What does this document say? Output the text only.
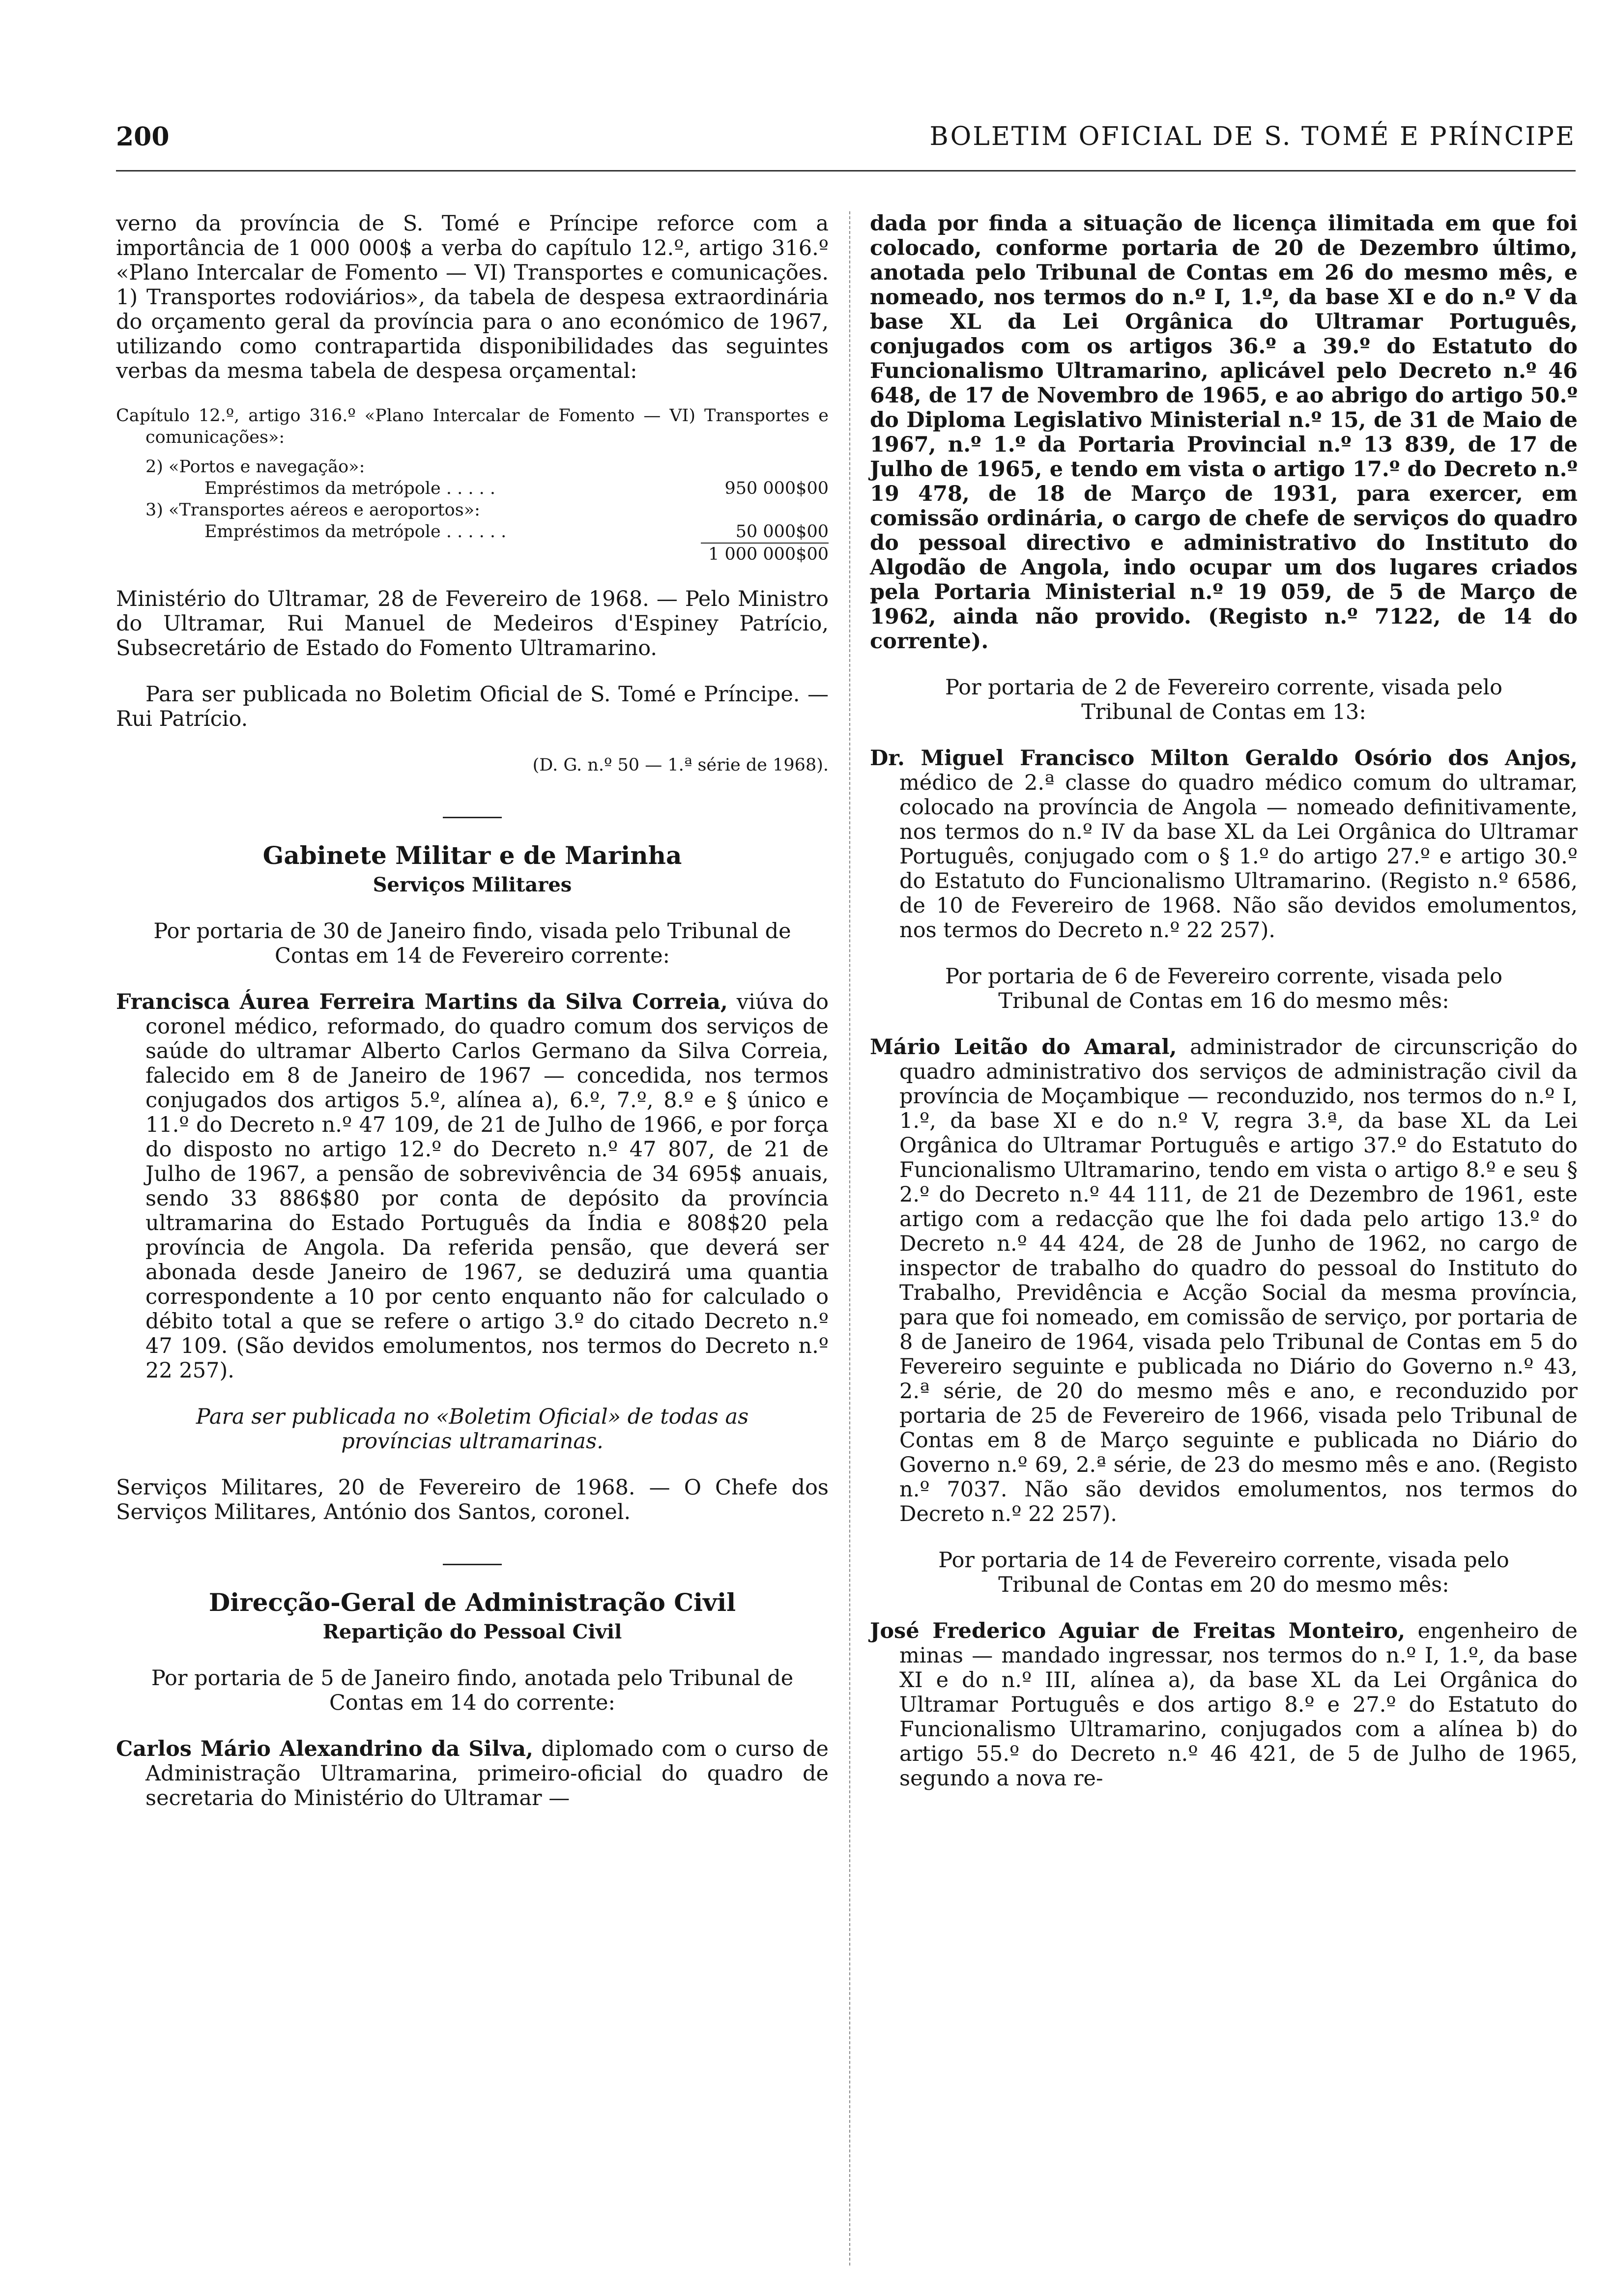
200	BOLETIM OFICIAL DE S. TOMÉ E PRÍNCIPE

verno da província de S. Tomé e Príncipe reforce com a importância de 1 000 000$ a verba do capítulo 12.º, artigo 316.º «Plano Intercalar de Fomento — VI) Transportes e comunicações. 1) Transportes rodoviários», da tabela de despesa extraordinária do orçamento geral da província para o ano económico de 1967, utilizando como contrapartida disponibilidades das seguintes verbas da mesma tabela de despesa orçamental:

Capítulo 12.º, artigo 316.º «Plano Intercalar de Fomento — VI) Transportes e comunicações»:
2) «Portos e navegação»:
Empréstimos da metrópole . . . . .	950 000$00
3) «Transportes aéreos e aeroportos»:
Empréstimos da metrópole . . . . . .	50 000$00
1 000 000$00

Ministério do Ultramar, 28 de Fevereiro de 1968. — Pelo Ministro do Ultramar, Rui Manuel de Medeiros d'Espiney Patrício, Subsecretário de Estado do Fomento Ultramarino.

Para ser publicada no Boletim Oficial de S. Tomé e Príncipe. — Rui Patrício.

(D. G. n.º 50 — 1.ª série de 1968).

Gabinete Militar e de Marinha
Serviços Militares

Por portaria de 30 de Janeiro findo, visada pelo Tribunal de Contas em 14 de Fevereiro corrente:

Francisca Áurea Ferreira Martins da Silva Correia, viúva do coronel médico, reformado, do quadro comum dos serviços de saúde do ultramar Alberto Carlos Germano da Silva Correia, falecido em 8 de Janeiro de 1967 — concedida, nos termos conjugados dos artigos 5.º, alínea a), 6.º, 7.º, 8.º e § único e 11.º do Decreto n.º 47 109, de 21 de Julho de 1966, e por força do disposto no artigo 12.º do Decreto n.º 47 807, de 21 de Julho de 1967, a pensão de sobrevivência de 34 695$ anuais, sendo 33 886$80 por conta de depósito da província ultramarina do Estado Português da Índia e 808$20 pela província de Angola. Da referida pensão, que deverá ser abonada desde Janeiro de 1967, se deduzirá uma quantia correspondente a 10 por cento enquanto não for calculado o débito total a que se refere o artigo 3.º do citado Decreto n.º 47 109. (São devidos emolumentos, nos termos do Decreto n.º 22 257).

Para ser publicada no «Boletim Oficial» de todas as províncias ultramarinas.

Serviços Militares, 20 de Fevereiro de 1968. — O Chefe dos Serviços Militares, António dos Santos, coronel.

Direcção-Geral de Administração Civil
Repartição do Pessoal Civil

Por portaria de 5 de Janeiro findo, anotada pelo Tribunal de Contas em 14 do corrente:

Carlos Mário Alexandrino da Silva, diplomado com o curso de Administração Ultramarina, primeiro-oficial do quadro de secretaria do Ministério do Ultramar —

dada por finda a situação de licença ilimitada em que foi colocado, conforme portaria de 20 de Dezembro último, anotada pelo Tribunal de Contas em 26 do mesmo mês, e nomeado, nos termos do n.º I, 1.º, da base XI e do n.º V da base XL da Lei Orgânica do Ultramar Português, conjugados com os artigos 36.º a 39.º do Estatuto do Funcionalismo Ultramarino, aplicável pelo Decreto n.º 46 648, de 17 de Novembro de 1965, e ao abrigo do artigo 50.º do Diploma Legislativo Ministerial n.º 15, de 31 de Maio de 1967, n.º 1.º da Portaria Provincial n.º 13 839, de 17 de Julho de 1965, e tendo em vista o artigo 17.º do Decreto n.º 19 478, de 18 de Março de 1931, para exercer, em comissão ordinária, o cargo de chefe de serviços do quadro do pessoal directivo e administrativo do Instituto do Algodão de Angola, indo ocupar um dos lugares criados pela Portaria Ministerial n.º 19 059, de 5 de Março de 1962, ainda não provido. (Registo n.º 7122, de 14 do corrente).

Por portaria de 2 de Fevereiro corrente, visada pelo Tribunal de Contas em 13:

Dr. Miguel Francisco Milton Geraldo Osório dos Anjos, médico de 2.ª classe do quadro médico comum do ultramar, colocado na província de Angola — nomeado definitivamente, nos termos do n.º IV da base XL da Lei Orgânica do Ultramar Português, conjugado com o § 1.º do artigo 27.º e artigo 30.º do Estatuto do Funcionalismo Ultramarino. (Registo n.º 6586, de 10 de Fevereiro de 1968. Não são devidos emolumentos, nos termos do Decreto n.º 22 257).

Por portaria de 6 de Fevereiro corrente, visada pelo Tribunal de Contas em 16 do mesmo mês:

Mário Leitão do Amaral, administrador de circunscrição do quadro administrativo dos serviços de administração civil da província de Moçambique — reconduzido, nos termos do n.º I, 1.º, da base XI e do n.º V, regra 3.ª, da base XL da Lei Orgânica do Ultramar Português e artigo 37.º do Estatuto do Funcionalismo Ultramarino, tendo em vista o artigo 8.º e seu § 2.º do Decreto n.º 44 111, de 21 de Dezembro de 1961, este artigo com a redacção que lhe foi dada pelo artigo 13.º do Decreto n.º 44 424, de 28 de Junho de 1962, no cargo de inspector de trabalho do quadro do pessoal do Instituto do Trabalho, Previdência e Acção Social da mesma província, para que foi nomeado, em comissão de serviço, por portaria de 8 de Janeiro de 1964, visada pelo Tribunal de Contas em 5 do Fevereiro seguinte e publicada no Diário do Governo n.º 43, 2.ª série, de 20 do mesmo mês e ano, e reconduzido por portaria de 25 de Fevereiro de 1966, visada pelo Tribunal de Contas em 8 de Março seguinte e publicada no Diário do Governo n.º 69, 2.ª série, de 23 do mesmo mês e ano. (Registo n.º 7037. Não são devidos emolumentos, nos termos do Decreto n.º 22 257).

Por portaria de 14 de Fevereiro corrente, visada pelo Tribunal de Contas em 20 do mesmo mês:

José Frederico Aguiar de Freitas Monteiro, engenheiro de minas — mandado ingressar, nos termos do n.º I, 1.º, da base XI e do n.º III, alínea a), da base XL da Lei Orgânica do Ultramar Português e dos artigo 8.º e 27.º do Estatuto do Funcionalismo Ultramarino, conjugados com a alínea b) do artigo 55.º do Decreto n.º 46 421, de 5 de Julho de 1965, segundo a nova re-
